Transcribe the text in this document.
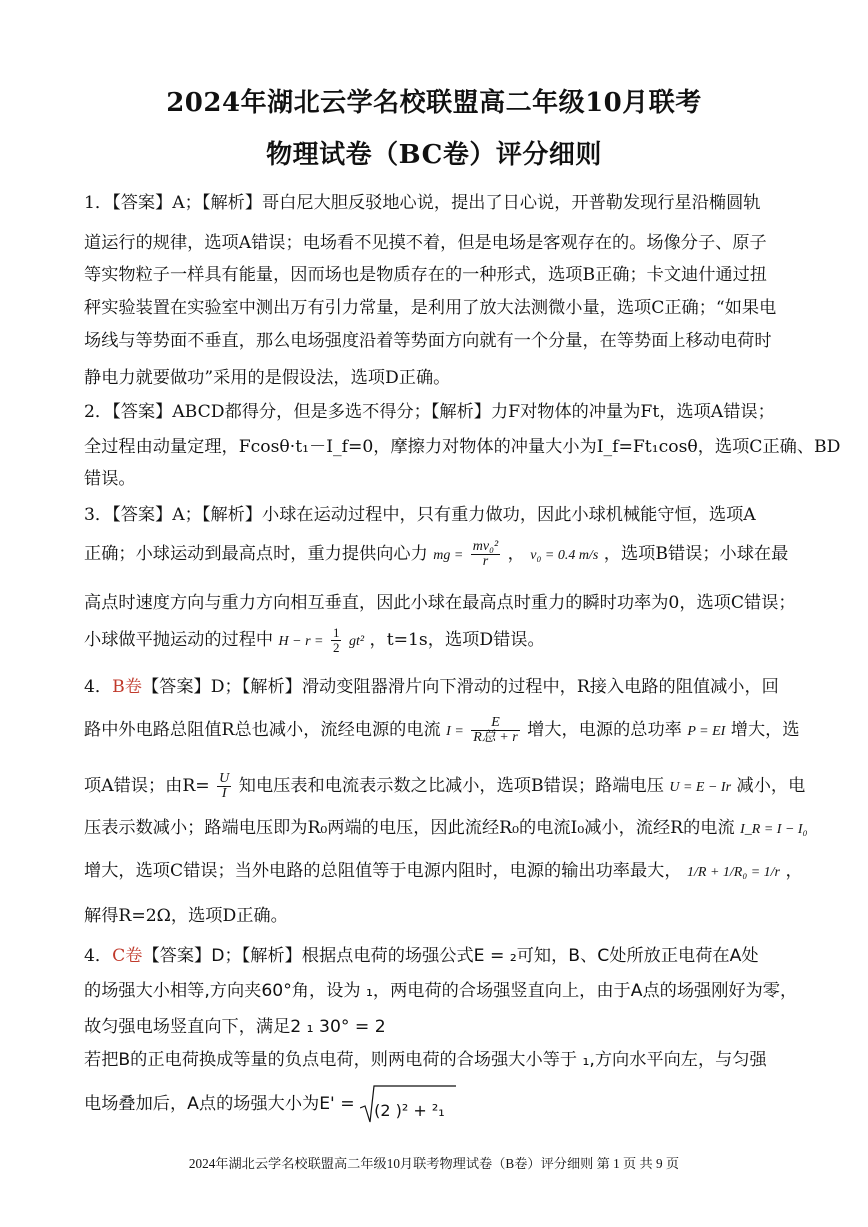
2024年湖北云学名校联盟高二年级10月联考
物理试卷（BC卷）评分细则
1．【答案】A；【解析】哥白尼大胆反驳地心说，提出了日心说，开普勒发现行星沿椭圆轨
道运行的规律，选项A错误；电场看不见摸不着，但是电场是客观存在的。场像分子、原子
等实物粒子一样具有能量，因而场也是物质存在的一种形式，选项B正确；卡文迪什通过扭
秤实验装置在实验室中测出万有引力常量，是利用了放大法测微小量，选项C正确；“如果电
场线与等势面不垂直，那么电场强度沿着等势面方向就有一个分量，在等势面上移动电荷时
静电力就要做功”采用的是假设法，选项D正确。
2．【答案】ABCD都得分，但是多选不得分；【解析】力F对物体的冲量为Ft，选项A错误；
全过程由动量定理，Fcosθ·t₁－I_f=0，摩擦力对物体的冲量大小为I_f=Ft₁cosθ，选项C正确、BD
错误。
3．【答案】A；【解析】小球在运动过程中，只有重力做功，因此小球机械能守恒，选项A
正确；小球运动到最高点时，重力提供向心力 mg = $\frac{\text{mv₀²}}{r}$ ， v₀ = 0.4 m/s ，选项B错误；小球在最
高点时速度方向与重力方向相互垂直，因此小球在最高点时重力的瞬时功率为0，选项C错误；
小球做平抛运动的过程中 $H - r = \frac{1}{2} gt^2$ ，t=1s，选项D错误。
4．B卷【答案】D；【解析】滑动变阻器滑片向下滑动的过程中，R接入电路的阻值减小，回
路中外电路总阻值R总也减小，流经电源的电流 $I = \frac{E}{\text{R总 + r}}$ 增大，电源的总功率 P = EI 增大，选
项A错误；由$R= \frac{U}{I}$ 知电压表和电流表示数之比减小，选项B错误；路端电压 U = E − Ir 减小，电
压表示数减小；路端电压即为R₀两端的电压，因此流经R₀的电流I₀减小，流经R的电流 I_R = I − I₀
增大，选项C错误；当外电路的总阻值等于电源内阻时，电源的输出功率最大， 1/R + 1/R₀ = 1/r ，
解得R=2Ω，选项D正确。
4．C卷【答案】D；【解析】根据点电荷的场强公式E = ₂可知，B、C处所放正电荷在A处
的场强大小相等,方向夹60°角，设为 ₁，两电荷的合场强竖直向上，由于A点的场强刚好为零，
故匀强电场竖直向下，满足2 ₁ 30° = 2
若把B的正电荷换成等量的负点电荷，则两电荷的合场强大小等于 ₁,方向水平向左，与匀强
电场叠加后，A点的场强大小为E' = (2 )² + ²₁
2024年湖北云学名校联盟高二年级10月联考物理试卷（B卷）评分细则 第 1 页 共 9 页
